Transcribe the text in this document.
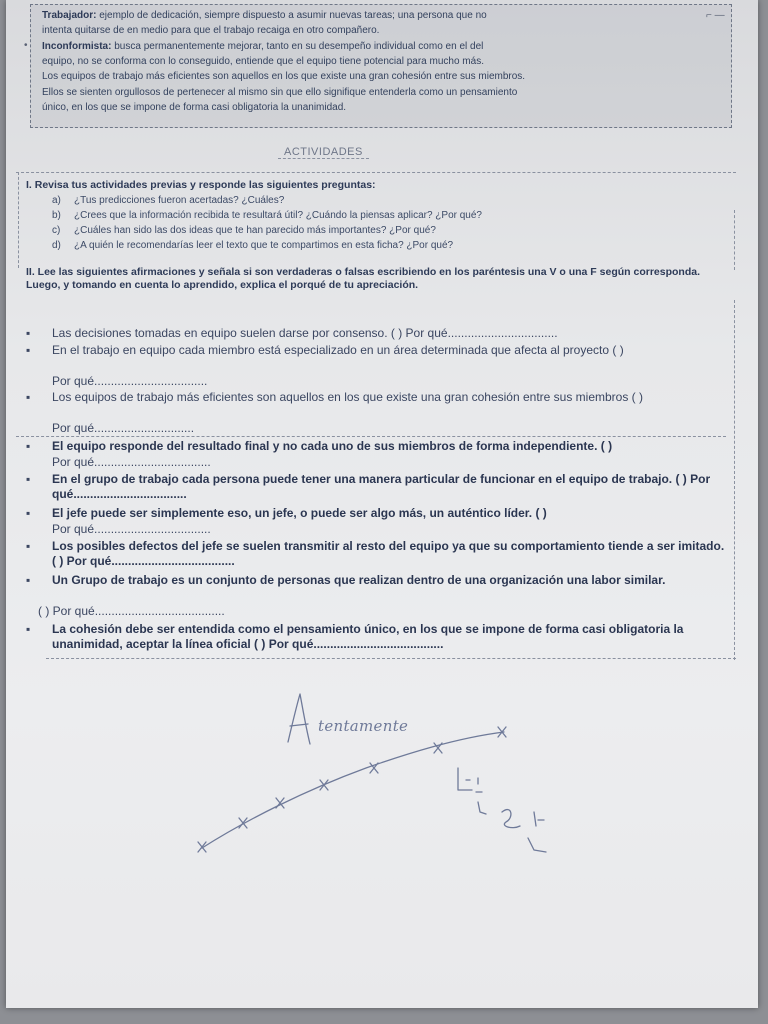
•
⌐ —
Trabajador: ejemplo de dedicación, siempre dispuesto a asumir nuevas tareas; una persona que no
intenta quitarse de en medio para que el trabajo recaiga en otro compañero.
Inconformista: busca permanentemente mejorar, tanto en su desempeño individual como en el del
equipo, no se conforma con lo conseguido, entiende que el equipo tiene potencial para mucho más.
Los equipos de trabajo más eficientes son aquellos en los que existe una gran cohesión entre sus miembros.
Ellos se sienten orgullosos de pertenecer al mismo sin que ello signifique entenderla como un pensamiento
único, en los que se impone de forma casi obligatoria la unanimidad.
ACTIVIDADES
I. Revisa tus actividades previas y responde las siguientes preguntas:
a) ¿Tus predicciones fueron acertadas? ¿Cuáles?
b) ¿Crees que la información recibida te resultará útil? ¿Cuándo la piensas aplicar? ¿Por qué?
c) ¿Cuáles han sido las dos ideas que te han parecido más importantes? ¿Por qué?
d) ¿A quién le recomendarías leer el texto que te compartimos en esta ficha? ¿Por qué?
II. Lee las siguientes afirmaciones y señala si son verdaderas o falsas escribiendo en los paréntesis una V o una F según corresponda. Luego, y tomando en cuenta lo aprendido, explica el porqué de tu apreciación.
▪	Las decisiones tomadas en equipo suelen darse por consenso. ( ) Por qué.................................
▪	En el trabajo en equipo cada miembro está especializado en un área determinada que afecta al proyecto ( )
Por qué..................................
▪	Los equipos de trabajo más eficientes son aquellos en los que existe una gran cohesión entre sus miembros ( )
Por qué..............................
▪	El equipo responde del resultado final y no cada uno de sus miembros de forma independiente. ( )
Por qué...................................
▪	En el grupo de trabajo cada persona puede tener una manera particular de funcionar en el equipo de trabajo. ( ) Por qué..................................
▪	El jefe puede ser simplemente eso, un jefe, o puede ser algo más, un auténtico líder. ( )
Por qué...................................
▪	Los posibles defectos del jefe se suelen transmitir al resto del equipo ya que su comportamiento tiende a ser imitado. ( ) Por qué.....................................
▪	Un Grupo de trabajo es un conjunto de personas que realizan dentro de una organización una labor similar.
( ) Por qué.......................................
▪	La cohesión debe ser entendida como el pensamiento único, en los que se impone de forma casi obligatoria la unanimidad, aceptar la línea oficial ( ) Por qué.......................................
tentamente
